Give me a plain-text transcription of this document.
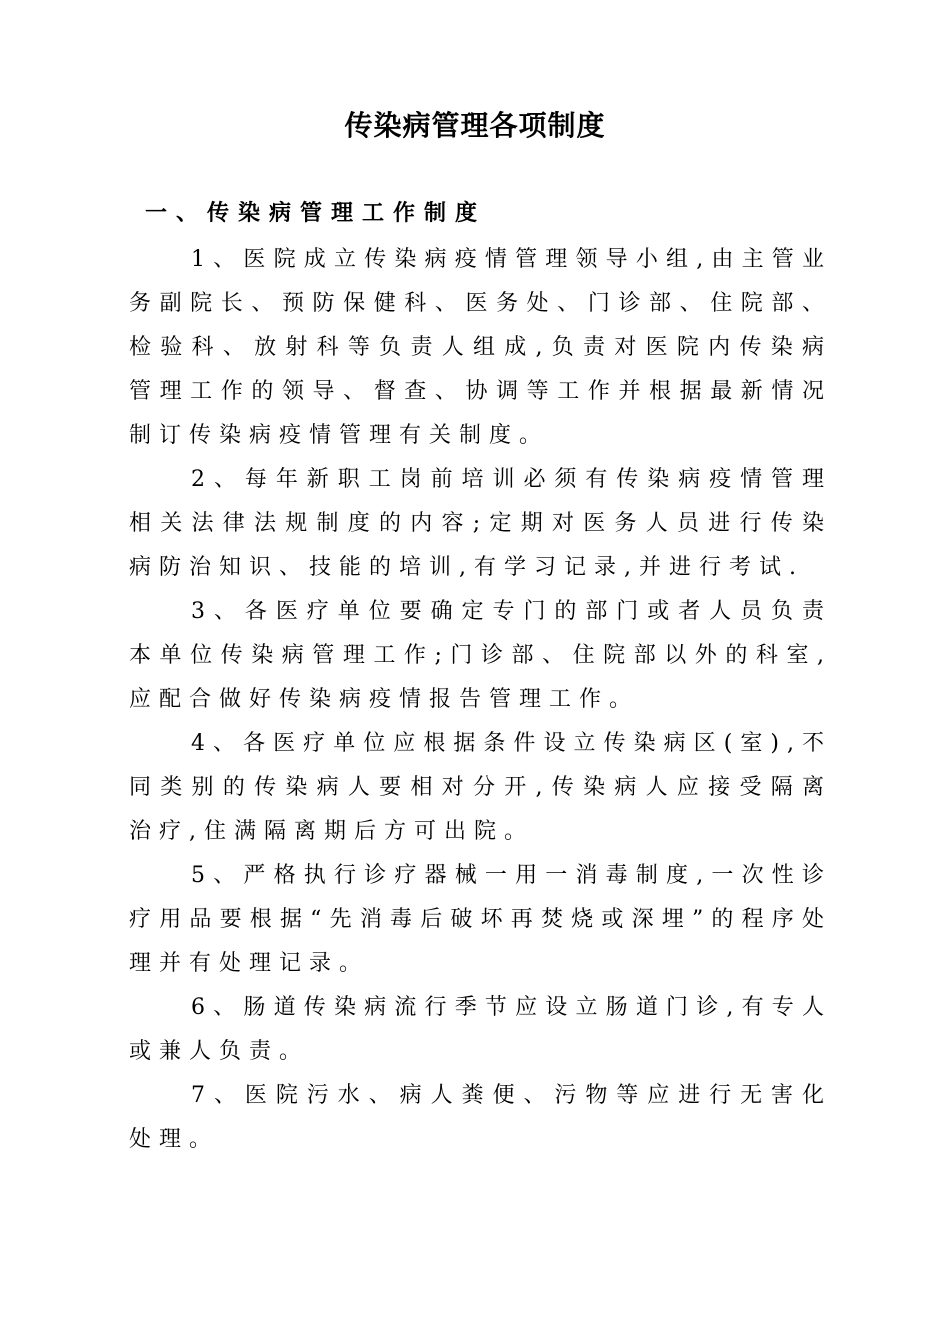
传染病管理各项制度
一、传染病管理工作制度

1、医院成立传染病疫情管理领导小组,由主管业务副院长、预防保健科、医务处、门诊部、住院部、检验科、放射科等负责人组成,负责对医院内传染病管理工作的领导、督查、协调等工作并根据最新情况制订传染病疫情管理有关制度。

2、每年新职工岗前培训必须有传染病疫情管理相关法律法规制度的内容;定期对医务人员进行传染病防治知识、技能的培训,有学习记录,并进行考试.

3、各医疗单位要确定专门的部门或者人员负责本单位传染病管理工作;门诊部、住院部以外的科室,应配合做好传染病疫情报告管理工作。

4、各医疗单位应根据条件设立传染病区(室),不同类别的传染病人要相对分开,传染病人应接受隔离治疗,住满隔离期后方可出院。

5、严格执行诊疗器械一用一消毒制度,一次性诊疗用品要根据“先消毒后破坏再焚烧或深埋”的程序处理并有处理记录。

6、肠道传染病流行季节应设立肠道门诊,有专人或兼人负责。

7、医院污水、病人粪便、污物等应进行无害化处理。
